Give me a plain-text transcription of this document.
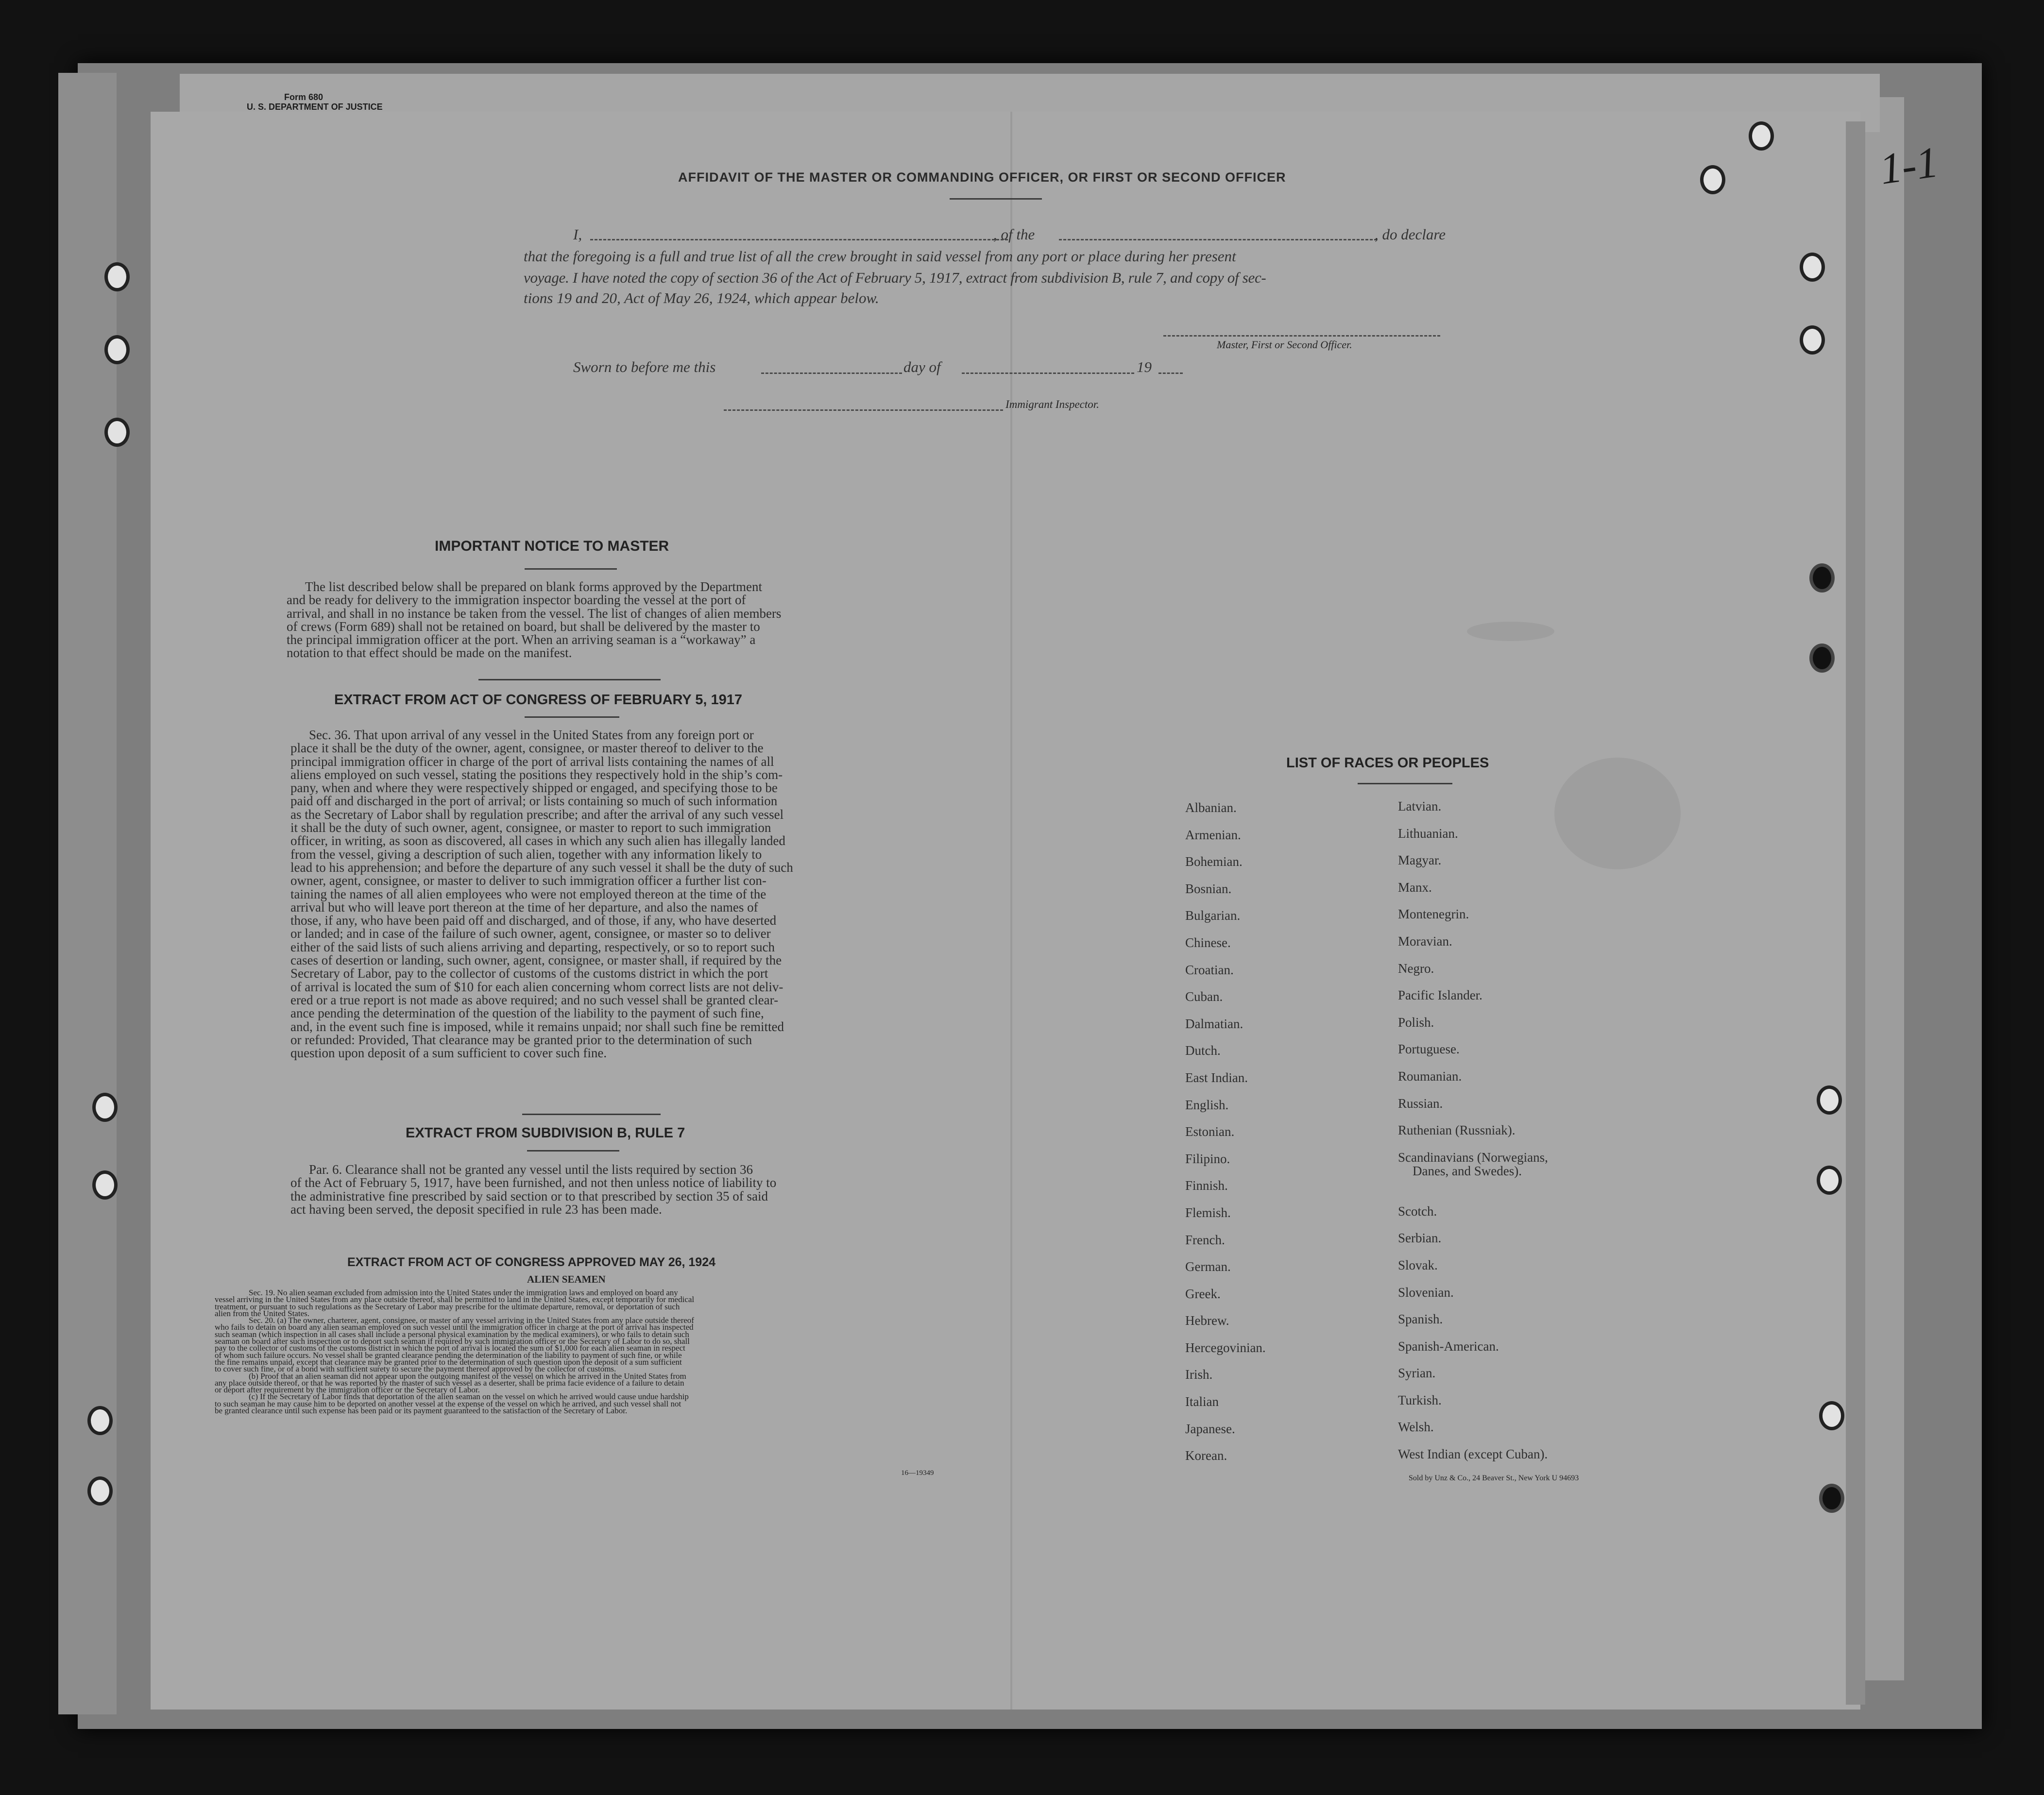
Form 680
U. S. DEPARTMENT OF JUSTICE
1-1
AFFIDAVIT OF THE MASTER OR COMMANDING OFFICER, OR FIRST OR SECOND OFFICER
I,	, of the	, do declare
that the foregoing is a full and true list of all the crew brought in said vessel from any port or place during her present
voyage. I have noted the copy of section 36 of the Act of February 5, 1917, extract from subdivision B, rule 7, and copy of sec-
tions 19 and 20, Act of May 26, 1924, which appear below.
Master, First or Second Officer.
Sworn to before me this	day of	19
Immigrant Inspector.
IMPORTANT NOTICE TO MASTER
The list described below shall be prepared on blank forms approved by the Department
and be ready for delivery to the immigration inspector boarding the vessel at the port of
arrival, and shall in no instance be taken from the vessel. The list of changes of alien members
of crews (Form 689) shall not be retained on board, but shall be delivered by the master to
the principal immigration officer at the port. When an arriving seaman is a “workaway” a
notation to that effect should be made on the manifest.
EXTRACT FROM ACT OF CONGRESS OF FEBRUARY 5, 1917
Sec. 36. That upon arrival of any vessel in the United States from any foreign port or
place it shall be the duty of the owner, agent, consignee, or master thereof to deliver to the
principal immigration officer in charge of the port of arrival lists containing the names of all
aliens employed on such vessel, stating the positions they respectively hold in the ship’s com-
pany, when and where they were respectively shipped or engaged, and specifying those to be
paid off and discharged in the port of arrival; or lists containing so much of such information
as the Secretary of Labor shall by regulation prescribe; and after the arrival of any such vessel
it shall be the duty of such owner, agent, consignee, or master to report to such immigration
officer, in writing, as soon as discovered, all cases in which any such alien has illegally landed
from the vessel, giving a description of such alien, together with any information likely to
lead to his apprehension; and before the departure of any such vessel it shall be the duty of such
owner, agent, consignee, or master to deliver to such immigration officer a further list con-
taining the names of all alien employees who were not employed thereon at the time of the
arrival but who will leave port thereon at the time of her departure, and also the names of
those, if any, who have been paid off and discharged, and of those, if any, who have deserted
or landed; and in case of the failure of such owner, agent, consignee, or master so to deliver
either of the said lists of such aliens arriving and departing, respectively, or so to report such
cases of desertion or landing, such owner, agent, consignee, or master shall, if required by the
Secretary of Labor, pay to the collector of customs of the customs district in which the port
of arrival is located the sum of $10 for each alien concerning whom correct lists are not deliv-
ered or a true report is not made as above required; and no such vessel shall be granted clear-
ance pending the determination of the question of the liability to the payment of such fine,
and, in the event such fine is imposed, while it remains unpaid; nor shall such fine be remitted
or refunded: Provided, That clearance may be granted prior to the determination of such
question upon deposit of a sum sufficient to cover such fine.
EXTRACT FROM SUBDIVISION B, RULE 7
Par. 6. Clearance shall not be granted any vessel until the lists required by section 36
of the Act of February 5, 1917, have been furnished, and not then unless notice of liability to
the administrative fine prescribed by said section or to that prescribed by section 35 of said
act having been served, the deposit specified in rule 23 has been made.
EXTRACT FROM ACT OF CONGRESS APPROVED MAY 26, 1924
ALIEN SEAMEN
Sec. 19. No alien seaman excluded from admission into the United States under the immigration laws and employed on board any
vessel arriving in the United States from any place outside thereof, shall be permitted to land in the United States, except temporarily for medical
treatment, or pursuant to such regulations as the Secretary of Labor may prescribe for the ultimate departure, removal, or deportation of such
alien from the United States.
Sec. 20. (a) The owner, charterer, agent, consignee, or master of any vessel arriving in the United States from any place outside thereof
who fails to detain on board any alien seaman employed on such vessel until the immigration officer in charge at the port of arrival has inspected
such seaman (which inspection in all cases shall include a personal physical examination by the medical examiners), or who fails to detain such
seaman on board after such inspection or to deport such seaman if required by such immigration officer or the Secretary of Labor to do so, shall
pay to the collector of customs of the customs district in which the port of arrival is located the sum of $1,000 for each alien seaman in respect
of whom such failure occurs. No vessel shall be granted clearance pending the determination of the liability to payment of such fine, or while
the fine remains unpaid, except that clearance may be granted prior to the determination of such question upon the deposit of a sum sufficient
to cover such fine, or of a bond with sufficient surety to secure the payment thereof approved by the collector of customs.
(b) Proof that an alien seaman did not appear upon the outgoing manifest of the vessel on which he arrived in the United States from
any place outside thereof, or that he was reported by the master of such vessel as a deserter, shall be prima facie evidence of a failure to detain
or deport after requirement by the immigration officer or the Secretary of Labor.
(c) If the Secretary of Labor finds that deportation of the alien seaman on the vessel on which he arrived would cause undue hardship
to such seaman he may cause him to be deported on another vessel at the expense of the vessel on which he arrived, and such vessel shall not
be granted clearance until such expense has been paid or its payment guaranteed to the satisfaction of the Secretary of Labor.
16—19349
LIST OF RACES OR PEOPLES
Albanian.
Armenian.
Bohemian.
Bosnian.
Bulgarian.
Chinese.
Croatian.
Cuban.
Dalmatian.
Dutch.
East Indian.
English.
Estonian.
Filipino.
Finnish.
Flemish.
French.
German.
Greek.
Hebrew.
Hercegovinian.
Irish.
Italian
Japanese.
Korean.
Latvian.
Lithuanian.
Magyar.
Manx.
Montenegrin.
Moravian.
Negro.
Pacific Islander.
Polish.
Portuguese.
Roumanian.
Russian.
Ruthenian (Russniak).
Scandinavians (Norwegians,
Danes, and Swedes).
Scotch.
Serbian.
Slovak.
Slovenian.
Spanish.
Spanish-American.
Syrian.
Turkish.
Welsh.
West Indian (except Cuban).
Sold by Unz & Co., 24 Beaver St., New York U 94693
